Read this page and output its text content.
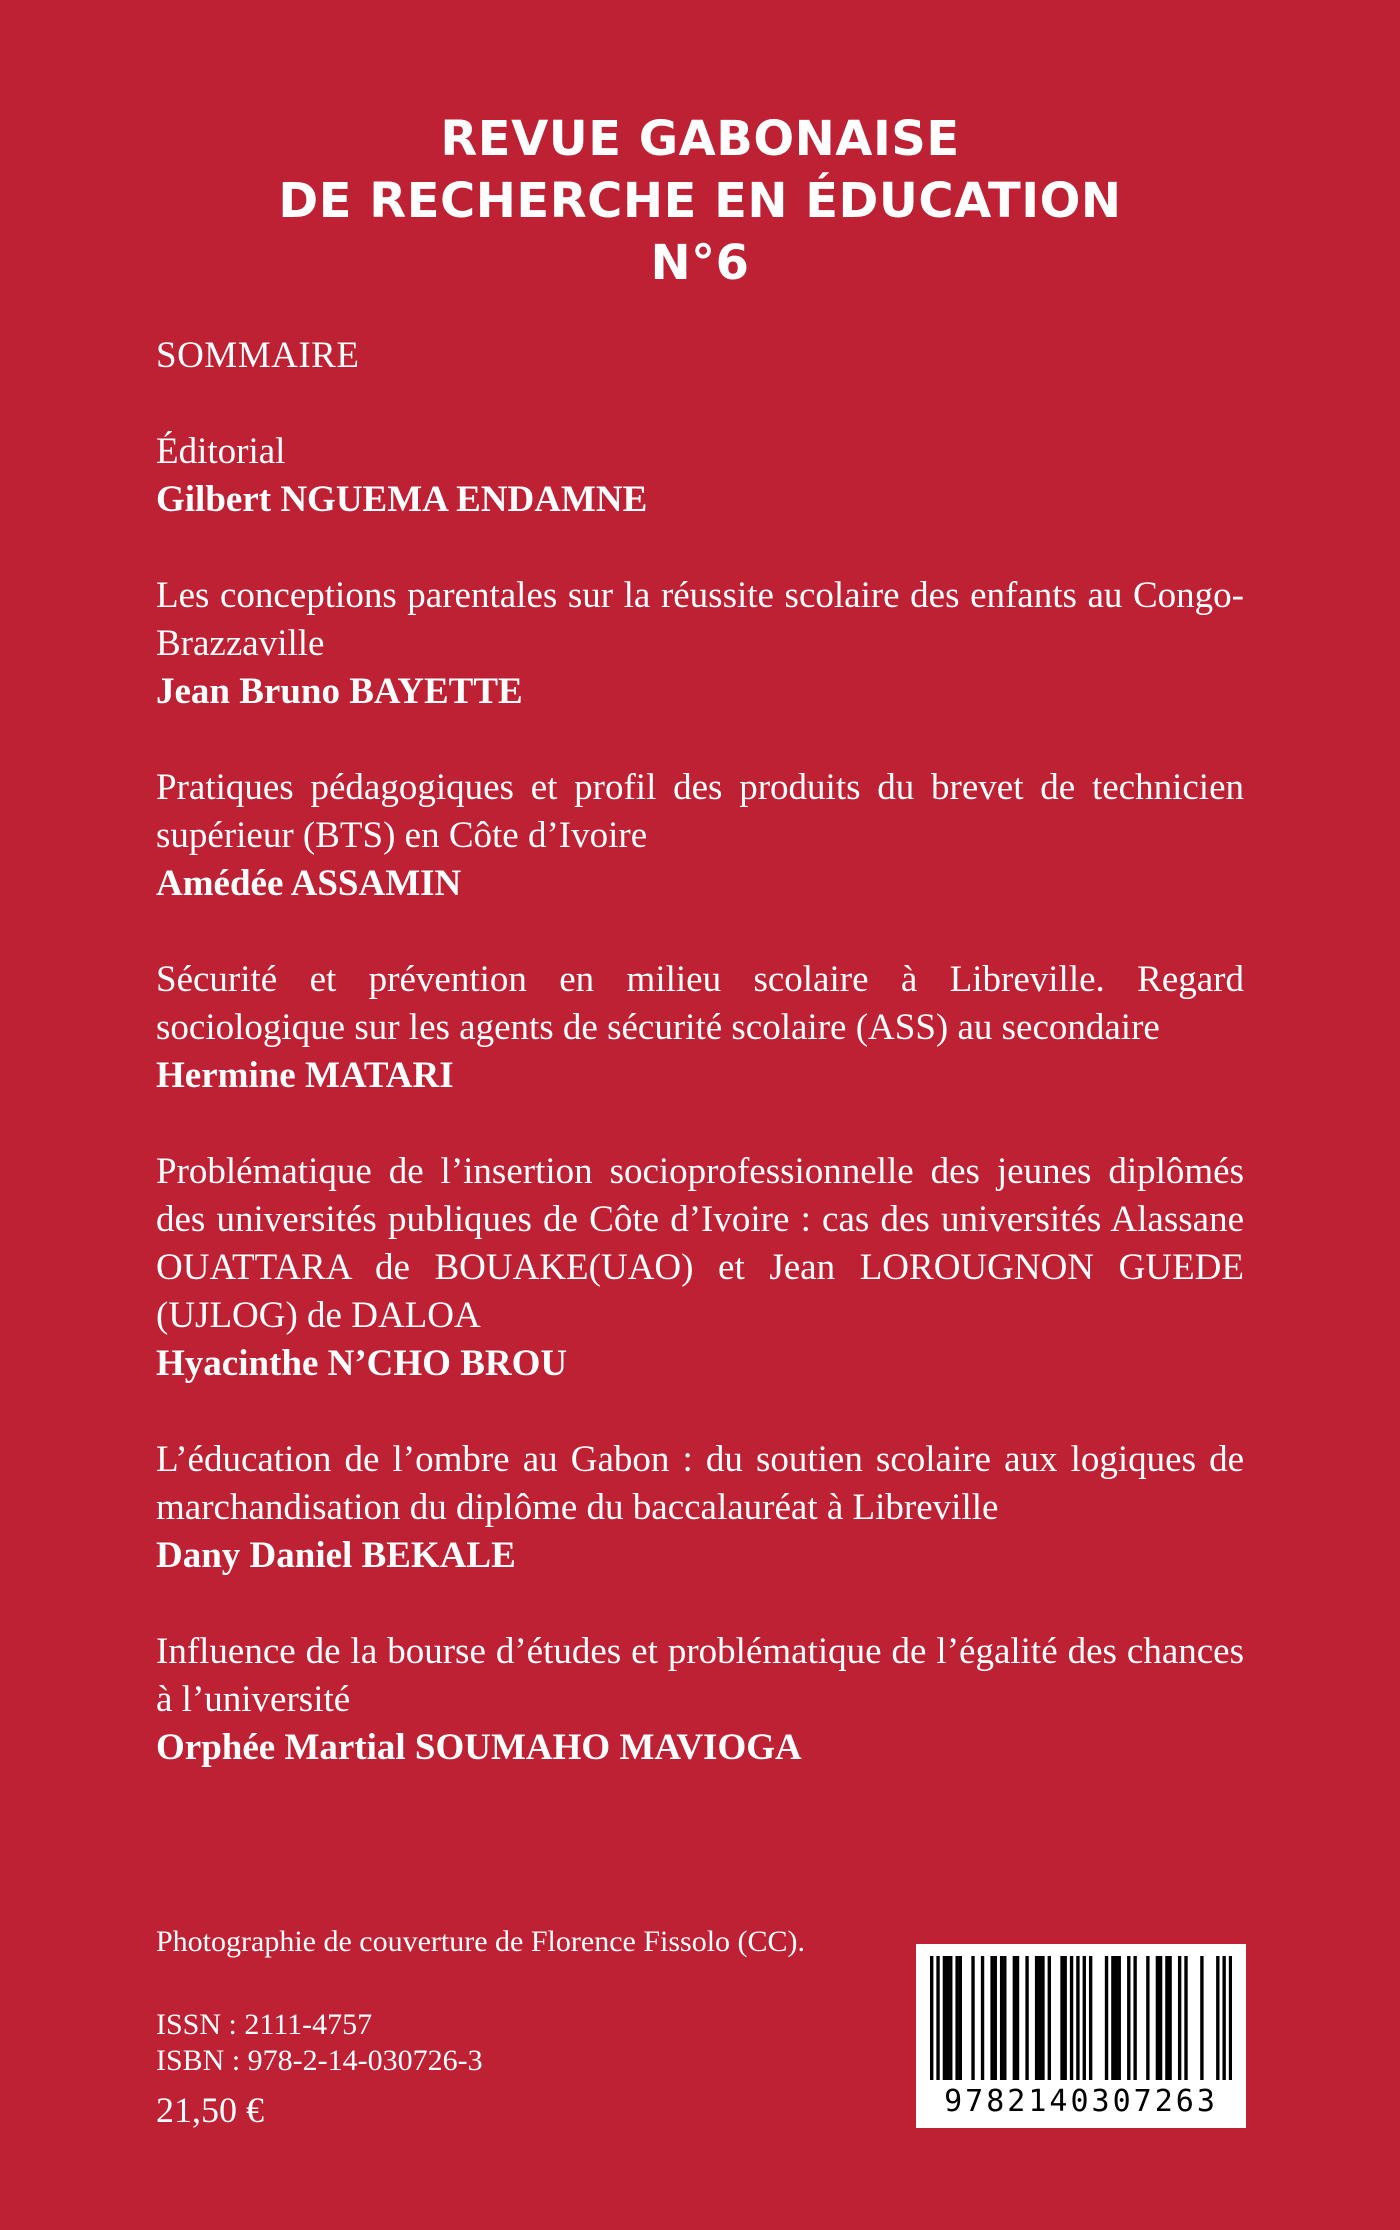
REVUE GABONAISE
DE RECHERCHE EN ÉDUCATION
N°6
SOMMAIRE
Éditorial
Gilbert NGUEMA ENDAMNE
Les conceptions parentales sur la réussite scolaire des enfants au Congo-Brazzaville
Jean Bruno BAYETTE
Pratiques pédagogiques et profil des produits du brevet de technicien supérieur (BTS) en Côte d’Ivoire
Amédée ASSAMIN
Sécurité et prévention en milieu scolaire à Libreville. Regard sociologique sur les agents de sécurité scolaire (ASS) au secondaire
Hermine MATARI
Problématique de l’insertion socioprofessionnelle des jeunes diplômés des universités publiques de Côte d’Ivoire : cas des universités Alassane OUATTARA de BOUAKE(UAO) et Jean LOROUGNON GUEDE (UJLOG) de DALOA
Hyacinthe N’CHO BROU
L’éducation de l’ombre au Gabon : du soutien scolaire aux logiques de marchandisation du diplôme du baccalauréat à Libreville
Dany Daniel BEKALE
Influence de la bourse d’études et problématique de l’égalité des chances à l’université
Orphée Martial SOUMAHO MAVIOGA
Photographie de couverture de Florence Fissolo (CC).
ISSN : 2111-4757
ISBN : 978-2-14-030726-3
21,50 €	9782140307263
